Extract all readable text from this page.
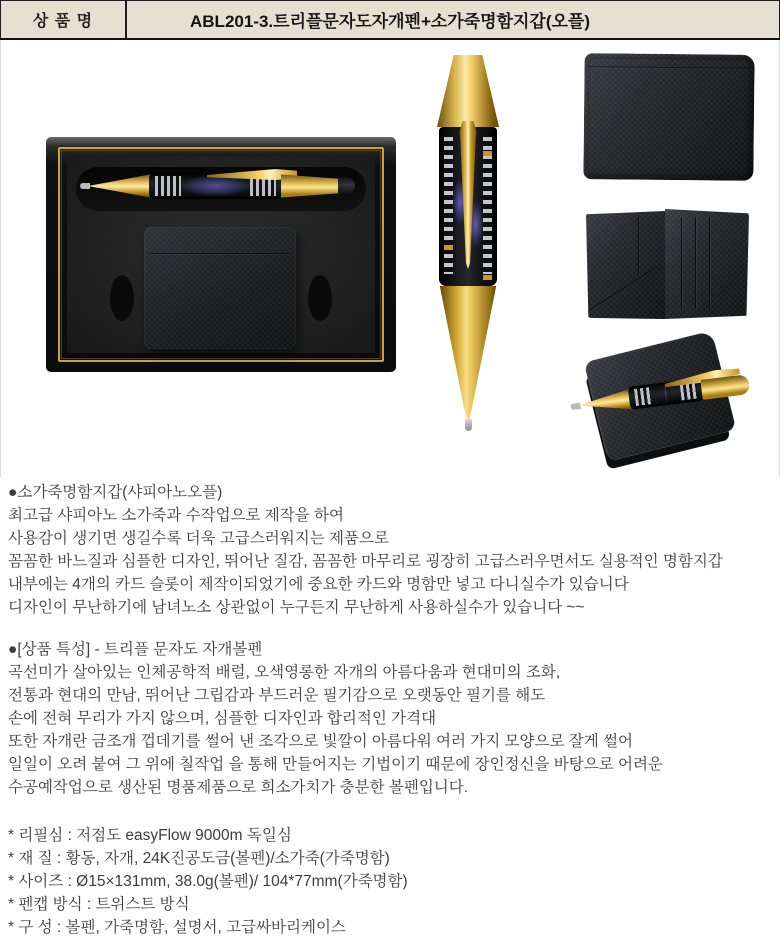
ABL201-3.트리플문자도자개펜+소가죽명함지갑(오플)
상 품 명
●소가죽명함지갑(샤피아노오플)
최고급 샤피아노 소가죽과 수작업으로 제작을 하여
사용감이 생기면 생길수록 더욱 고급스러워지는 제품으로
꼼꼼한 바느질과 심플한 디자인, 뛰어난 질감, 꼼꼼한 마무리로 굉장히 고급스러우면서도 실용적인 명함지갑
내부에는 4개의 카드 슬롯이 제작이되었기에 중요한 카드와 명함만 넣고 다니실수가 있습니다
디자인이 무난하기에 남녀노소 상관없이 누구든지 무난하게 사용하실수가 있습니다 ~~
●[상품 특성] - 트리플 문자도 자개볼펜
곡선미가 살아있는 인체공학적 배럴, 오색영롱한 자개의 아름다움과 현대미의 조화,
전통과 현대의 만남, 뛰어난 그립감과 부드러운 필기감으로 오랫동안 필기를 해도
손에 전혀 무리가 가지 않으며, 심플한 디자인과 합리적인 가격대
또한 자개란 금조개 껍데기를 썰어 낸 조각으로 빛깔이 아름다워 여러 가지 모양으로 잘게 썰어
일일이 오려 붙여 그 위에 칠작업 을 통해 만들어지는 기법이기 때문에 장인정신을 바탕으로 어려운
수공예작업으로 생산된 명품제품으로 희소가치가 충분한 볼펜입니다.
* 리필심 : 저점도 easyFlow 9000m 독일심
* 재 질 : 황동, 자개, 24K진공도금(볼펜)/소가죽(가죽명함)
* 사이즈 : Ø15×131mm, 38.0g(볼펜)/ 104*77mm(가죽명함)
* 펜캡 방식 : 트위스트 방식
* 구 성 : 볼펜, 가죽명함, 설명서, 고급싸바리케이스
